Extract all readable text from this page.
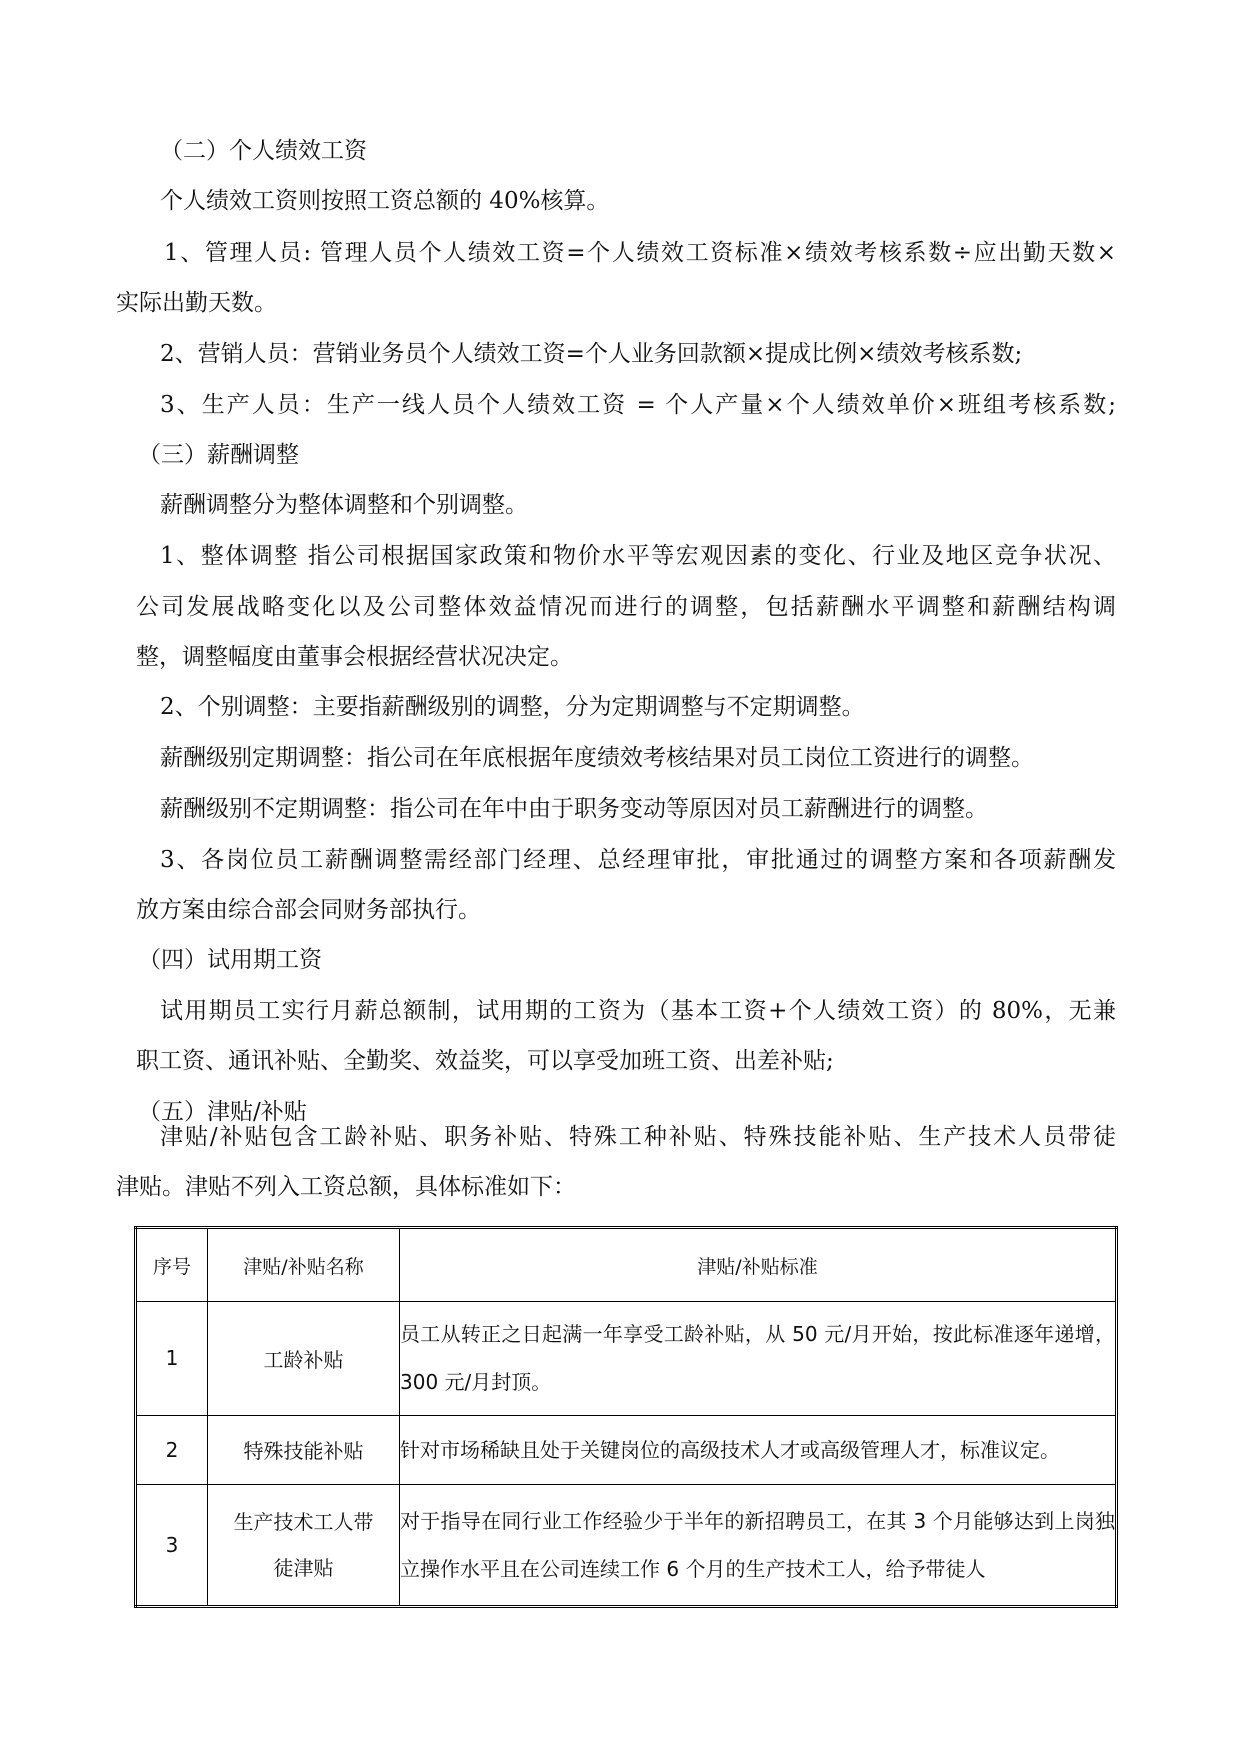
（二）个人绩效工资
个人绩效工资则按照工资总额的 40%核算。
1、管理人员: 管理人员个人绩效工资=个人绩效工资标准×绩效考核系数÷应出勤天数×
实际出勤天数。
2、营销人员：营销业务员个人绩效工资=个人业务回款额×提成比例×绩效考核系数;
3、生产人员：生产一线人员个人绩效工资 = 个人产量×个人绩效单价×班组考核系数;
（三）薪酬调整
薪酬调整分为整体调整和个别调整。
1、整体调整 指公司根据国家政策和物价水平等宏观因素的变化、行业及地区竞争状况、
公司发展战略变化以及公司整体效益情况而进行的调整，包括薪酬水平调整和薪酬结构调
整，调整幅度由董事会根据经营状况决定。
2、个别调整：主要指薪酬级别的调整，分为定期调整与不定期调整。
薪酬级别定期调整：指公司在年底根据年度绩效考核结果对员工岗位工资进行的调整。
薪酬级别不定期调整：指公司在年中由于职务变动等原因对员工薪酬进行的调整。
3、各岗位员工薪酬调整需经部门经理、总经理审批，审批通过的调整方案和各项薪酬发
放方案由综合部会同财务部执行。
（四）试用期工资
试用期员工实行月薪总额制，试用期的工资为（基本工资+个人绩效工资）的 80%，无兼
职工资、通讯补贴、全勤奖、效益奖，可以享受加班工资、出差补贴;
（五）津贴/补贴
津贴/补贴包含工龄补贴、职务补贴、特殊工种补贴、特殊技能补贴、生产技术人员带徒
津贴。津贴不列入工资总额，具体标准如下：
序号	津贴/补贴名称	津贴/补贴标准
1	工龄补贴	员工从转正之日起满一年享受工龄补贴，从 50 元/月开始，按此标准逐年递增，300 元/月封顶。
2	特殊技能补贴	针对市场稀缺且处于关键岗位的高级技术人才或高级管理人才，标准议定。
3	生产技术工人带徒津贴	对于指导在同行业工作经验少于半年的新招聘员工，在其 3 个月能够达到上岗独立操作水平且在公司连续工作 6 个月的生产技术工人，给予带徒人
